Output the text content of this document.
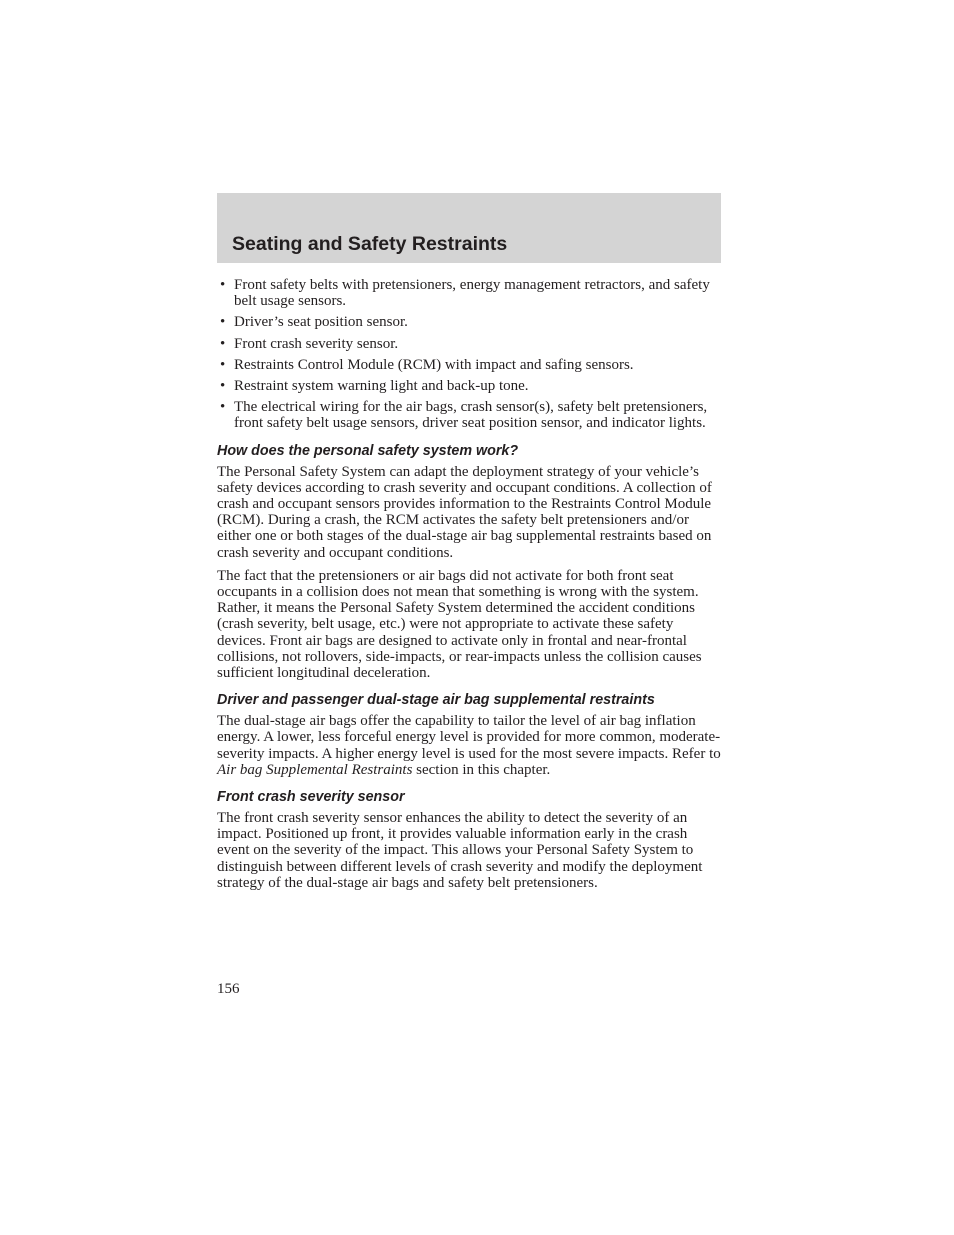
Seating and Safety Restraints
• Front safety belts with pretensioners, energy management retractors, and safety belt usage sensors.
• Driver’s seat position sensor.
• Front crash severity sensor.
• Restraints Control Module (RCM) with impact and safing sensors.
• Restraint system warning light and back-up tone.
• The electrical wiring for the air bags, crash sensor(s), safety belt pretensioners, front safety belt usage sensors, driver seat position sensor, and indicator lights.
How does the personal safety system work?

The Personal Safety System can adapt the deployment strategy of your vehicle’s safety devices according to crash severity and occupant conditions. A collection of crash and occupant sensors provides information to the Restraints Control Module (RCM). During a crash, the RCM activates the safety belt pretensioners and/or either one or both stages of the dual-stage air bag supplemental restraints based on crash severity and occupant conditions.

The fact that the pretensioners or air bags did not activate for both front seat occupants in a collision does not mean that something is wrong with the system. Rather, it means the Personal Safety System determined the accident conditions (crash severity, belt usage, etc.) were not appropriate to activate these safety devices. Front air bags are designed to activate only in frontal and near-frontal collisions, not rollovers, side-impacts, or rear-impacts unless the collision causes sufficient longitudinal deceleration.

Driver and passenger dual-stage air bag supplemental restraints

The dual-stage air bags offer the capability to tailor the level of air bag inflation energy. A lower, less forceful energy level is provided for more common, moderate-severity impacts. A higher energy level is used for the most severe impacts. Refer to Air bag Supplemental Restraints section in this chapter.

Front crash severity sensor

The front crash severity sensor enhances the ability to detect the severity of an impact. Positioned up front, it provides valuable information early in the crash event on the severity of the impact. This allows your Personal Safety System to distinguish between different levels of crash severity and modify the deployment strategy of the dual-stage air bags and safety belt pretensioners.

156
